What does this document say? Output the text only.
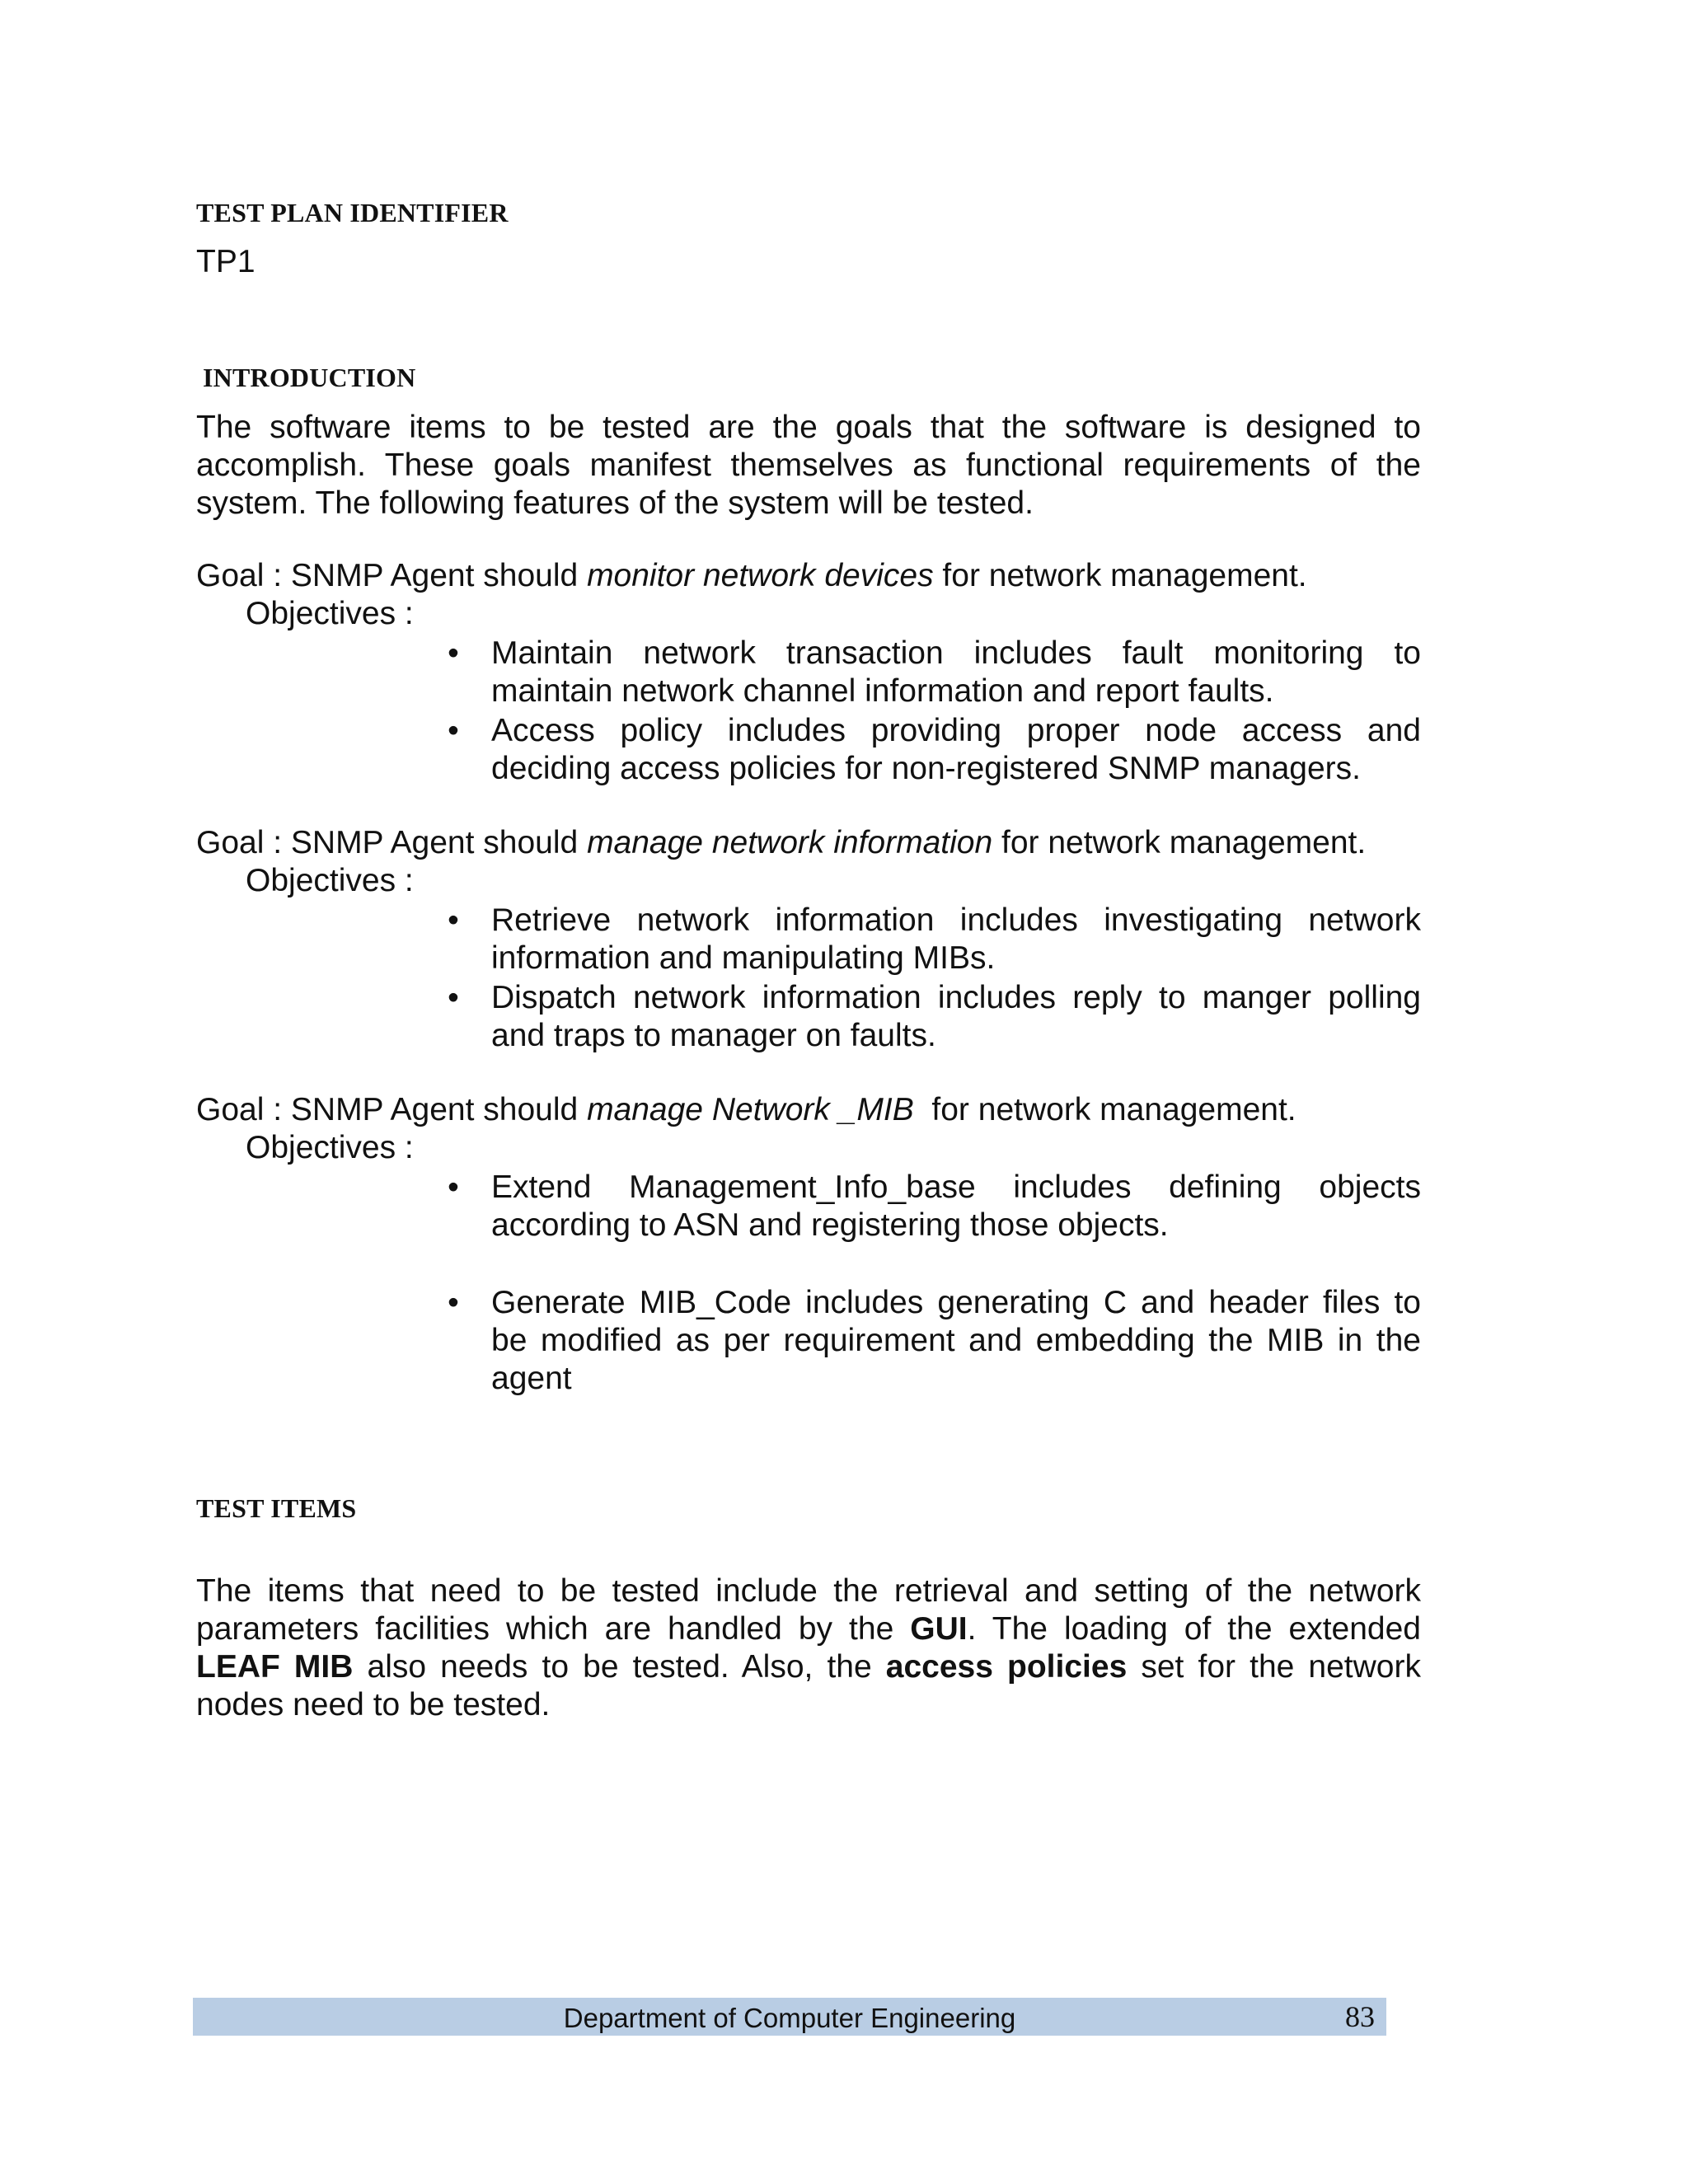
TEST PLAN IDENTIFIER
TP1
INTRODUCTION
The software items to be tested are the goals that the software is designed to accomplish. These goals manifest themselves as functional requirements of the system. The following features of the system will be tested.
Goal : SNMP Agent should monitor network devices for network management.
Objectives :
•	Maintain network transaction includes fault monitoring to maintain network channel information and report faults.
•	Access policy includes providing proper node access and deciding access policies for non-registered SNMP managers.
Goal : SNMP Agent should manage network information for network management.
Objectives :
•	Retrieve network information includes investigating network information and manipulating MIBs.
•	Dispatch network information includes reply to manger polling and traps to manager on faults.
Goal : SNMP Agent should manage Network _MIB  for network management.
Objectives :
•	Extend Management_Info_base includes defining objects according to ASN and registering those objects.
•	Generate MIB_Code includes generating C and header files to be modified as per requirement and embedding the MIB in the agent
TEST ITEMS
The items that need to be tested include the retrieval and setting of the network parameters facilities which are handled by the GUI. The loading of the extended LEAF MIB also needs to be tested. Also, the access policies set for the network nodes need to be tested.
Department of Computer Engineering	83
